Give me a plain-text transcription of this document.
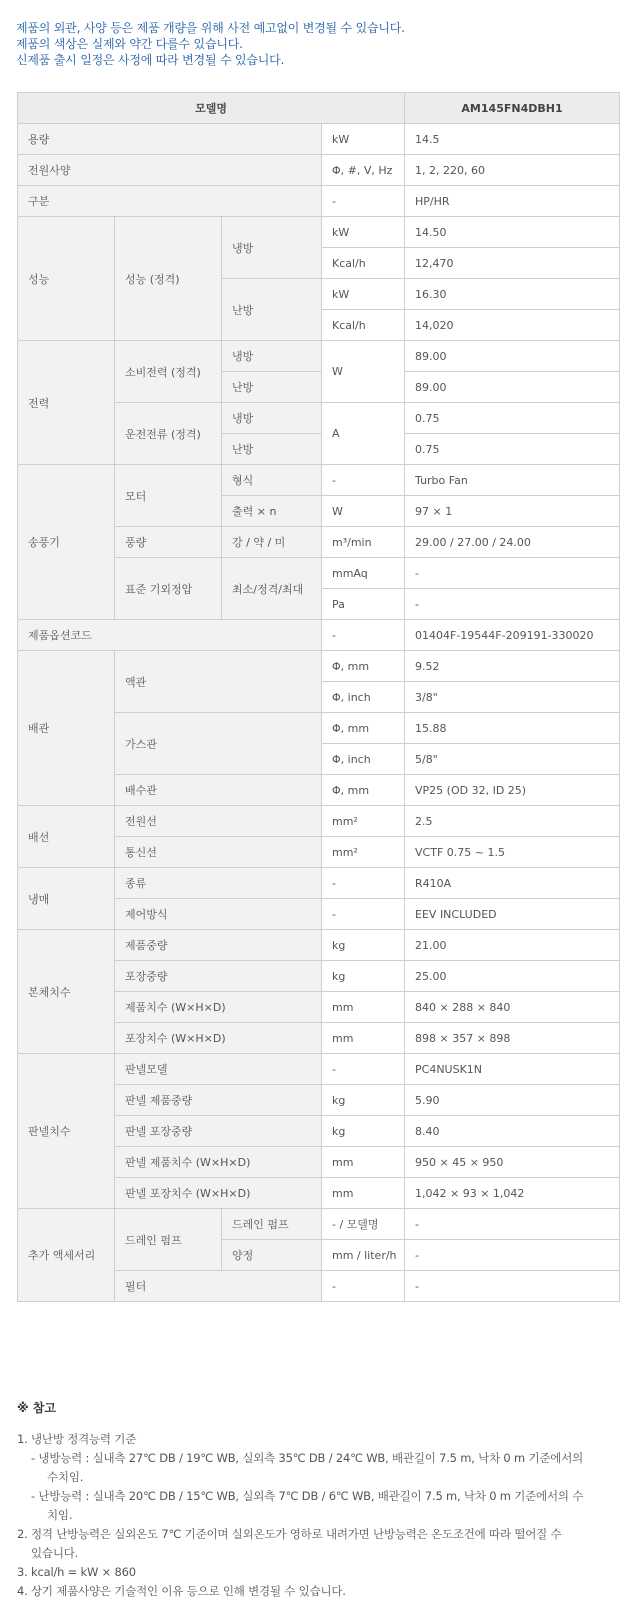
제품의 외관, 사양 등은 제품 개량을 위해 사전 예고없이 변경될 수 있습니다.
제품의 색상은 실제와 약간 다를수 있습니다.
신제품 출시 일정은 사정에 따라 변경될 수 있습니다.
모델명				AM145FN4DBH1
용량			kW	14.5
전원사양			Φ, #, V, Hz	1, 2, 220, 60
구분			-	HP/HR
성능	성능 (정격)	냉방	kW	14.50
			Kcal/h	12,470
		난방	kW	16.30
			Kcal/h	14,020
전력	소비전력 (정격)	냉방	W	89.00
		난방		89.00
	운전전류 (정격)	냉방	A	0.75
		난방		0.75
송풍기	모터	형식	-	Turbo Fan
		출력 × n	W	97 × 1
	풍량	강 / 약 / 미	m³/min	29.00 / 27.00 / 24.00
	표준 기외정압	최소/정격/최대	mmAq	-
			Pa	-
제품옵션코드			-	01404F-19544F-209191-330020
배관	액관		Φ, mm	9.52
			Φ, inch	3/8"
	가스관		Φ, mm	15.88
			Φ, inch	5/8"
	배수관		Φ, mm	VP25 (OD 32, ID 25)
배선	전원선		mm²	2.5
	통신선		mm²	VCTF 0.75 ~ 1.5
냉매	종류		-	R410A
	제어방식		-	EEV INCLUDED
본체치수	제품중량		kg	21.00
	포장중량		kg	25.00
	제품치수 (W×H×D)		mm	840 × 288 × 840
	포장치수 (W×H×D)		mm	898 × 357 × 898
판넬치수	판넬모델		-	PC4NUSK1N
	판넬 제품중량		kg	5.90
	판넬 포장중량		kg	8.40
	판넬 제품치수 (W×H×D)		mm	950 × 45 × 950
	판넬 포장치수 (W×H×D)		mm	1,042 × 93 × 1,042
추가 액세서리	드레인 펌프	드레인 펌프	- / 모델명	-
		양정	mm / liter/h	-
	필터		-	-
※ 참고
1. 냉난방 정격능력 기준
- 냉방능력 : 실내측 27℃ DB / 19℃ WB, 실외측 35℃ DB / 24℃ WB, 배관길이 7.5 m, 낙차 0 m 기준에서의
수치임.
- 난방능력 : 실내측 20℃ DB / 15℃ WB, 실외측 7℃ DB / 6℃ WB, 배관길이 7.5 m, 낙차 0 m 기준에서의 수
치임.
2. 정격 난방능력은 실외온도 7℃ 기준이며 실외온도가 영하로 내려가면 난방능력은 온도조건에 따라 떨어질 수
있습니다.
3. kcal/h = kW × 860
4. 상기 제품사양은 기술적인 이유 등으로 인해 변경될 수 있습니다.
